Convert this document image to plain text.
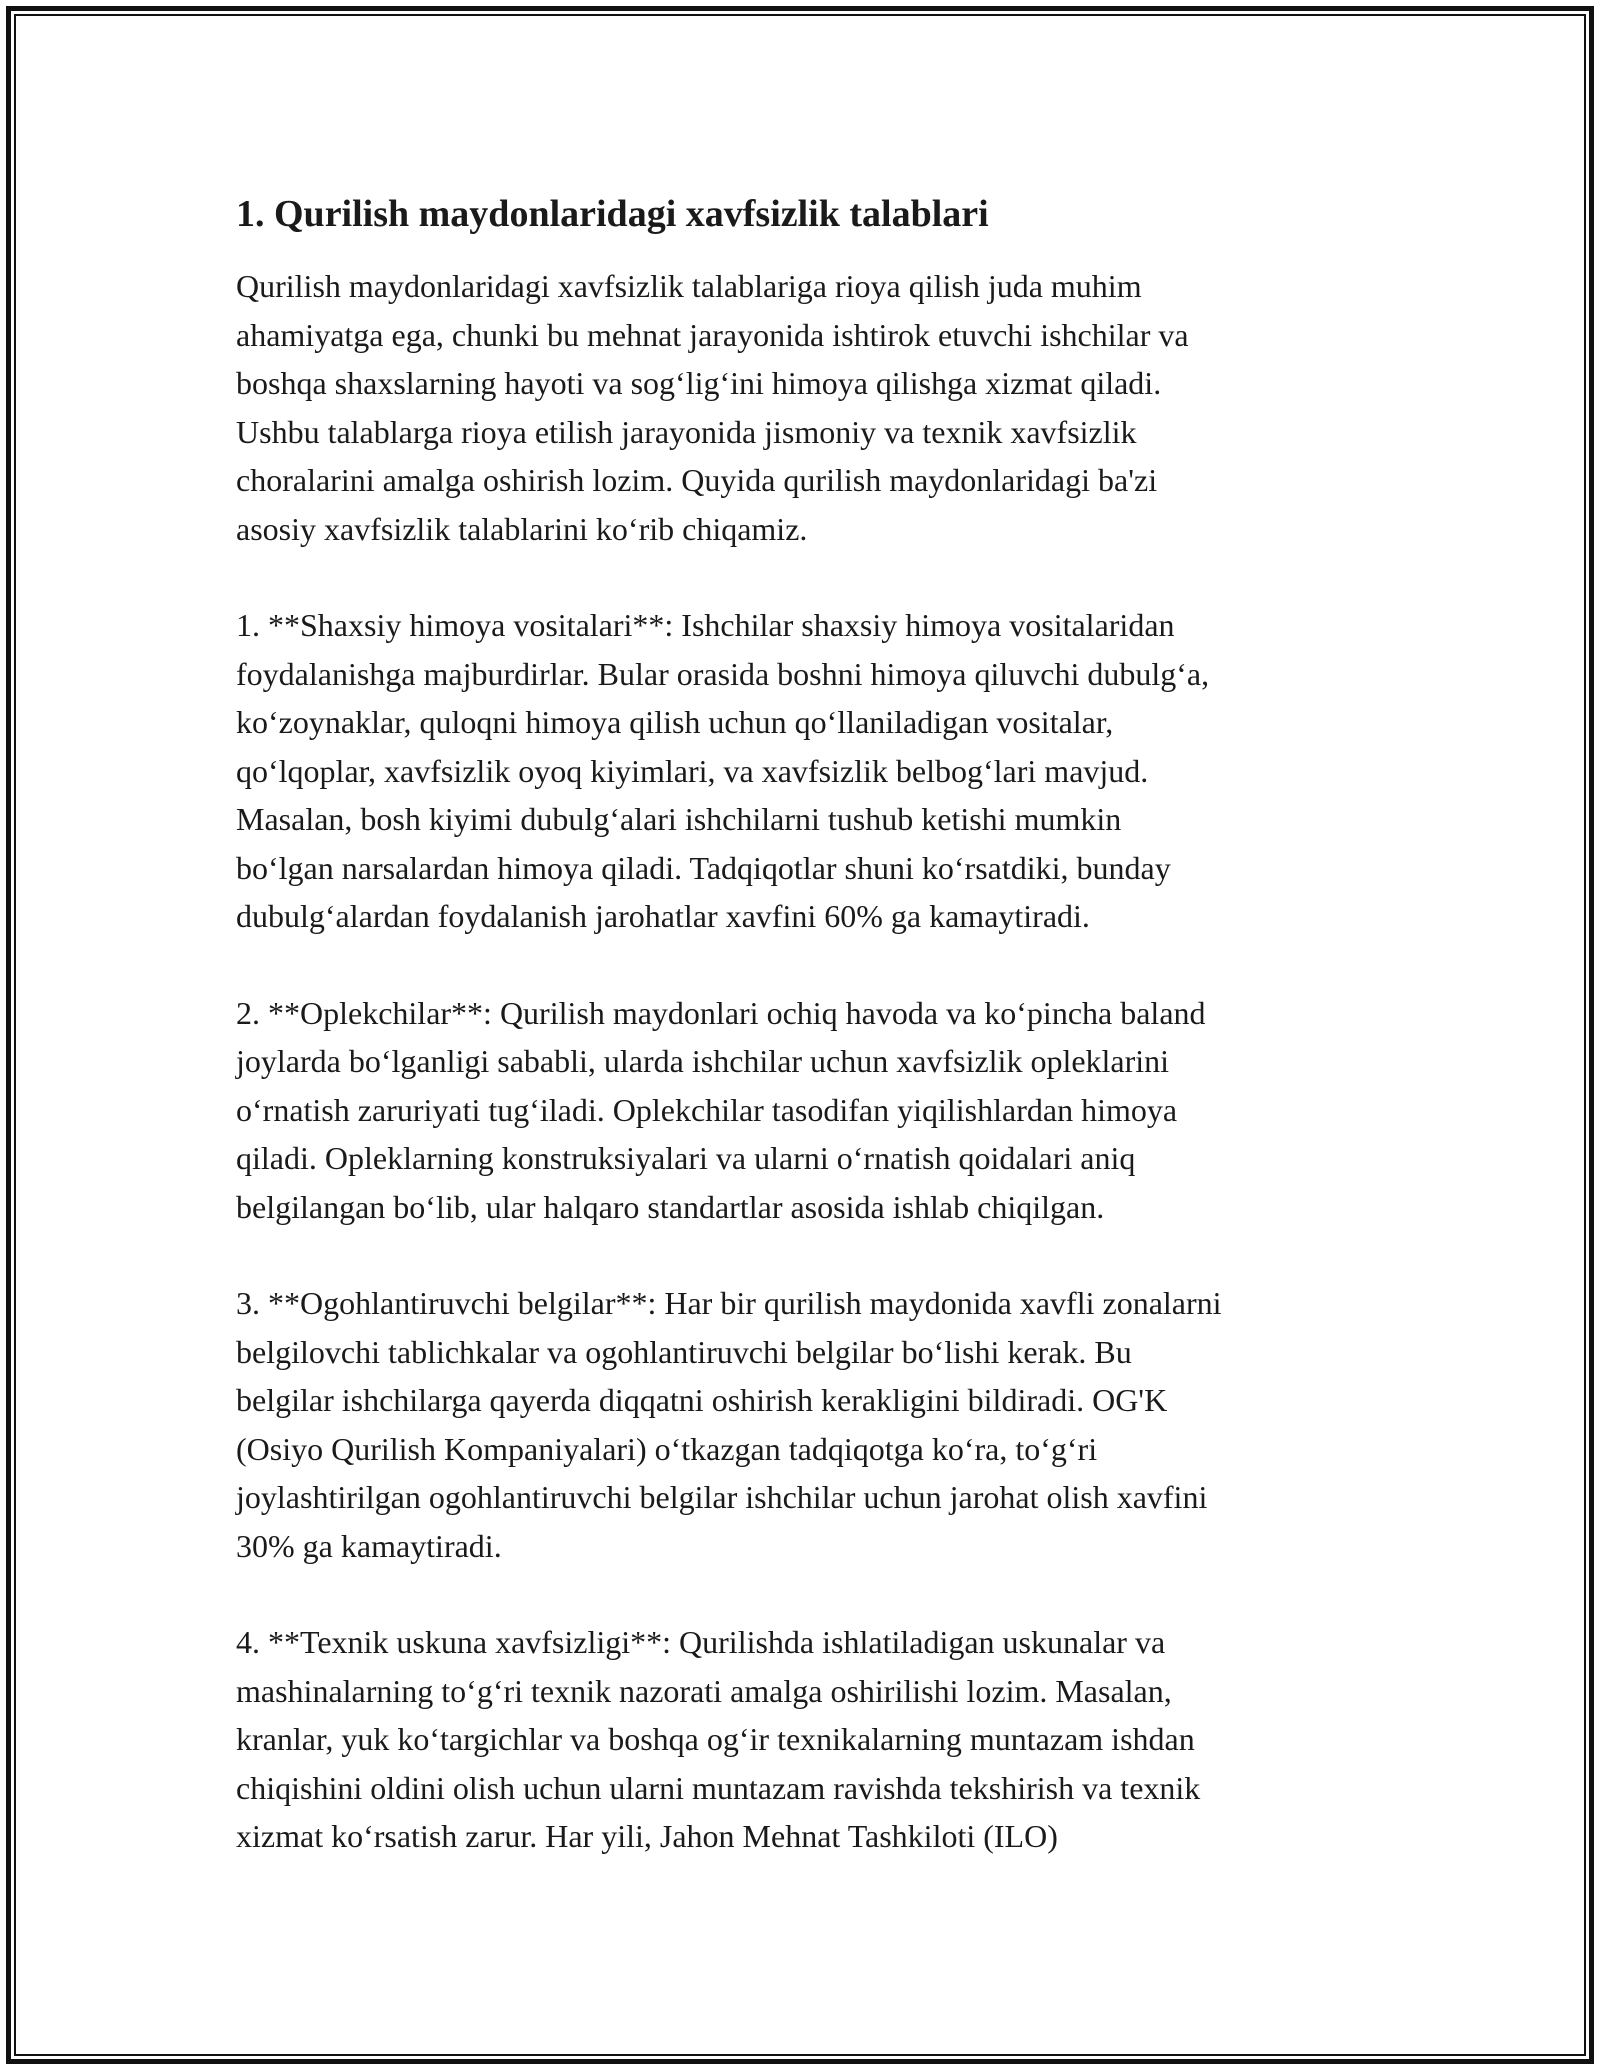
1. Qurilish maydonlaridagi xavfsizlik talablari

Qurilish maydonlaridagi xavfsizlik talablariga rioya qilish juda muhim
ahamiyatga ega, chunki bu mehnat jarayonida ishtirok etuvchi ishchilar va
boshqa shaxslarning hayoti va sog‘lig‘ini himoya qilishga xizmat qiladi.
Ushbu talablarga rioya etilish jarayonida jismoniy va texnik xavfsizlik
choralarini amalga oshirish lozim. Quyida qurilish maydonlaridagi ba'zi
asosiy xavfsizlik talablarini ko‘rib chiqamiz.

1. **Shaxsiy himoya vositalari**: Ishchilar shaxsiy himoya vositalaridan
foydalanishga majburdirlar. Bular orasida boshni himoya qiluvchi dubulg‘a,
ko‘zoynaklar, quloqni himoya qilish uchun qo‘llaniladigan vositalar,
qo‘lqoplar, xavfsizlik oyoq kiyimlari, va xavfsizlik belbog‘lari mavjud.
Masalan, bosh kiyimi dubulg‘alari ishchilarni tushub ketishi mumkin
bo‘lgan narsalardan himoya qiladi. Tadqiqotlar shuni ko‘rsatdiki, bunday
dubulg‘alardan foydalanish jarohatlar xavfini 60% ga kamaytiradi.

2. **Oplekchilar**: Qurilish maydonlari ochiq havoda va ko‘pincha baland
joylarda bo‘lganligi sababli, ularda ishchilar uchun xavfsizlik opleklarini
o‘rnatish zaruriyati tug‘iladi. Oplekchilar tasodifan yiqilishlardan himoya
qiladi. Opleklarning konstruksiyalari va ularni o‘rnatish qoidalari aniq
belgilangan bo‘lib, ular halqaro standartlar asosida ishlab chiqilgan.

3. **Ogohlantiruvchi belgilar**: Har bir qurilish maydonida xavfli zonalarni
belgilovchi tablichkalar va ogohlantiruvchi belgilar bo‘lishi kerak. Bu
belgilar ishchilarga qayerda diqqatni oshirish kerakligini bildiradi. OG'K
(Osiyo Qurilish Kompaniyalari) o‘tkazgan tadqiqotga ko‘ra, to‘g‘ri
joylashtirilgan ogohlantiruvchi belgilar ishchilar uchun jarohat olish xavfini
30% ga kamaytiradi.

4. **Texnik uskuna xavfsizligi**: Qurilishda ishlatiladigan uskunalar va
mashinalarning to‘g‘ri texnik nazorati amalga oshirilishi lozim. Masalan,
kranlar, yuk ko‘targichlar va boshqa og‘ir texnikalarning muntazam ishdan
chiqishini oldini olish uchun ularni muntazam ravishda tekshirish va texnik
xizmat ko‘rsatish zarur. Har yili, Jahon Mehnat Tashkiloti (ILO)
